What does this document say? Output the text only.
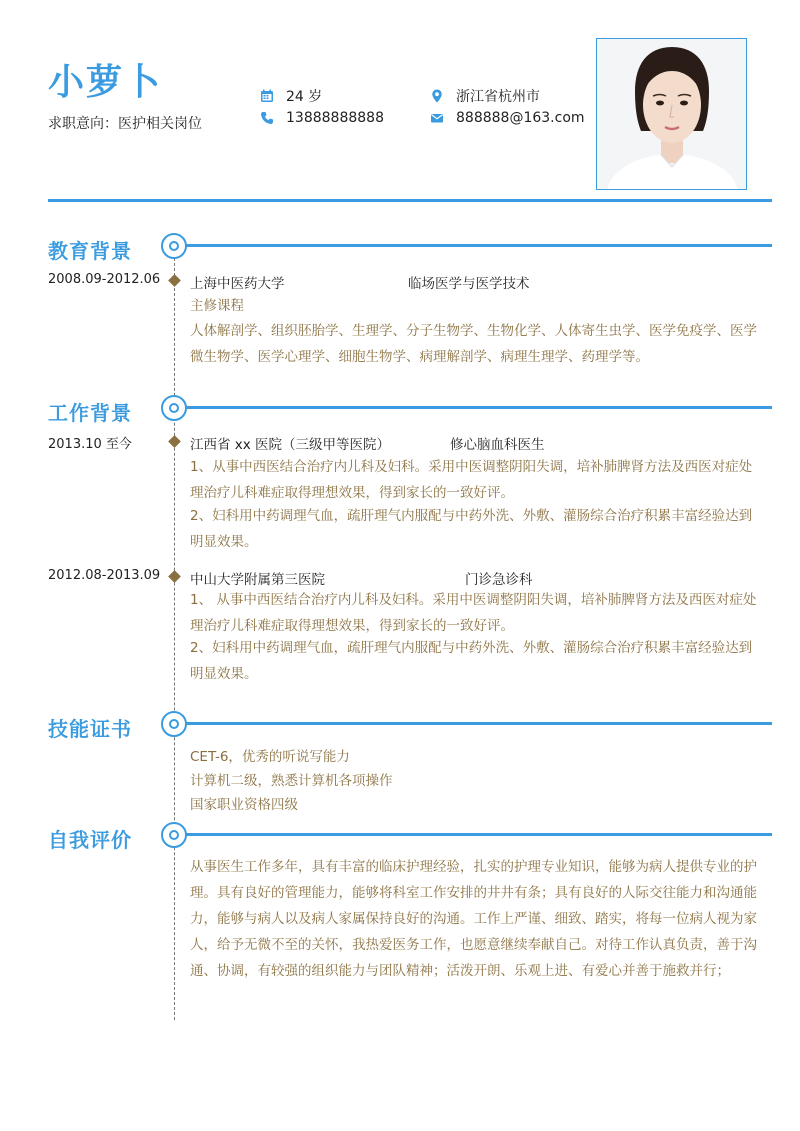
小萝卜
求职意向：医护相关岗位
24 岁
13888888888
浙江省杭州市
888888@163.com
教育背景
2008.09-2012.06 上海中医药大学	临场医学与医学技术
主修课程
人体解剖学、组织胚胎学、生理学、分子生物学、生物化学、人体寄生虫学、医学免疫学、医学微生物学、医学心理学、细胞生物学、病理解剖学、病理生理学、药理学等。
工作背景
2013.10 至今	江西省 xx 医院（三级甲等医院）	修心脑血科医生
1、从事中西医结合治疗内儿科及妇科。采用中医调整阴阳失调，培补肺脾肾方法及西医对症处理治疗儿科难症取得理想效果，得到家长的一致好评。
2、妇科用中药调理气血，疏肝理气内服配与中药外洗、外敷、灌肠综合治疗积累丰富经验达到明显效果。
2012.08-2013.09 中山大学附属第三医院	门诊急诊科
1、 从事中西医结合治疗内儿科及妇科。采用中医调整阴阳失调，培补肺脾肾方法及西医对症处理治疗儿科难症取得理想效果，得到家长的一致好评。
2、妇科用中药调理气血，疏肝理气内服配与中药外洗、外敷、灌肠综合治疗积累丰富经验达到明显效果。
技能证书
CET-6，优秀的听说写能力
计算机二级，熟悉计算机各项操作
国家职业资格四级
自我评价
从事医生工作多年，具有丰富的临床护理经验，扎实的护理专业知识，能够为病人提供专业的护理。具有良好的管理能力，能够将科室工作安排的井井有条；具有良好的人际交往能力和沟通能力，能够与病人以及病人家属保持良好的沟通。工作上严谨、细致、踏实，将每一位病人视为家人，给予无微不至的关怀，我热爱医务工作，也愿意继续奉献自己。对待工作认真负责，善于沟通、协调，有较强的组织能力与团队精神；活泼开朗、乐观上进、有爱心并善于施救并行；
